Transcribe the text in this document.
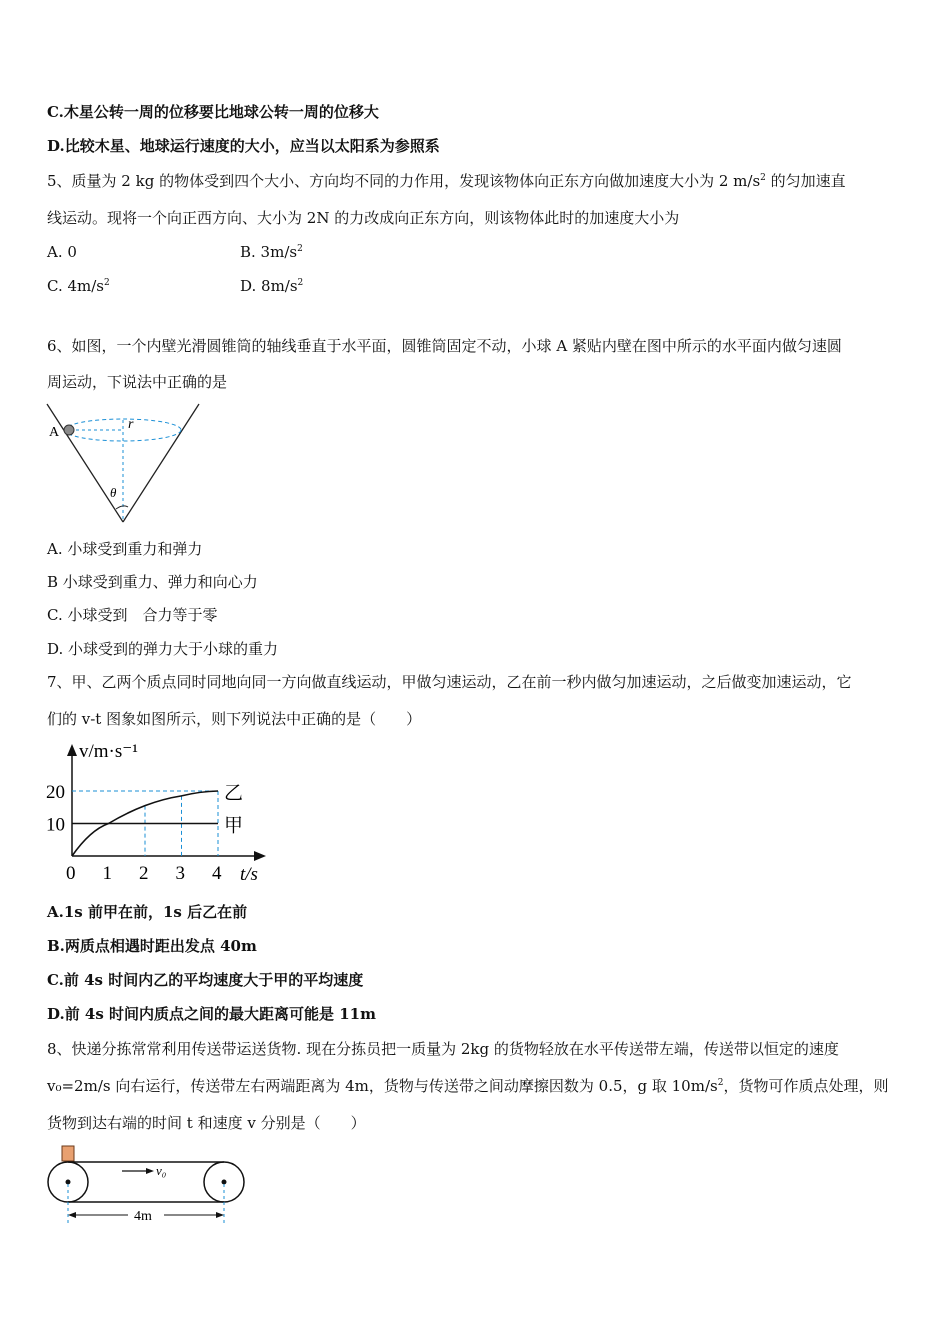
C.木星公转一周的位移要比地球公转一周的位移大
D.比较木星、地球运行速度的大小，应当以太阳系为参照系
5、质量为 2 kg 的物体受到四个大小、方向均不同的力作用，发现该物体向正东方向做加速度大小为 2 $m/s^2$ 的匀加速直
线运动。现将一个向正西方向、大小为 2N 的力改成向正东方向，则该物体此时的加速度大小为
A. 0	B. $3m/s^2$
C. $4m/s^2$	D. $8m/s^2$
6、如图，一个内壁光滑圆锥筒的轴线垂直于水平面，圆锥筒固定不动，小球 A 紧贴内壁在图中所示的水平面内做匀速圆
周运动，下说法中正确的是
A
r
θ
A. 小球受到重力和弹力
B 小球受到重力、弹力和向心力
C. 小球受到　合力等于零
D. 小球受到的弹力大于小球的重力
7、甲、乙两个质点同时同地向同一方向做直线运动，甲做匀速运动，乙在前一秒内做匀加速运动，之后做变加速运动，它
们的 v-t 图象如图所示，则下列说法中正确的是（　　）
v/m·s⁻¹
t/s
甲
乙
0 1 2 3 4
10
20
A.1s 前甲在前，1s 后乙在前
B.两质点相遇时距出发点 40m
C.前 4s 时间内乙的平均速度大于甲的平均速度
D.前 4s 时间内质点之间的最大距离可能是 11m
8、快递分拣常常利用传送带运送货物. 现在分拣员把一质量为 2kg 的货物轻放在水平传送带左端，传送带以恒定的速度
v₀=2m/s 向右运行，传送带左右两端距离为 4m，货物与传送带之间动摩擦因数为 0.5，g 取 $10m/s^2$，货物可作质点处理，则
货物到达右端的时间 t 和速度 v 分别是（　　）
v₀
4m
